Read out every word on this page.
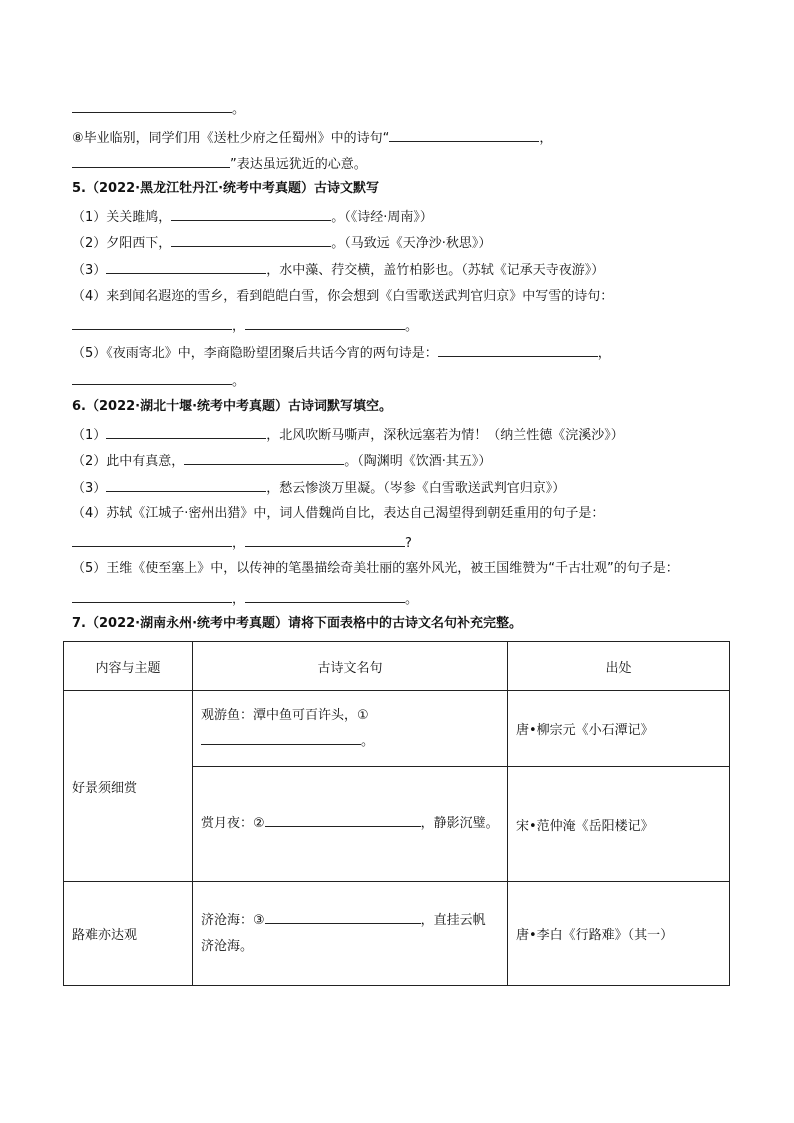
。
⑧毕业临别，同学们用《送杜少府之任蜀州》中的诗句“	，
”表达虽远犹近的心意。
5.（2022·黑龙江牡丹江·统考中考真题）古诗文默写
（1）关关雎鸠，	。（《诗经·周南》）
（2）夕阳西下，	。（马致远《天净沙·秋思》）
（3）	，水中藻、荇交横，盖竹柏影也。（苏轼《记承天寺夜游》）
（4）来到闻名遐迩的雪乡，看到皑皑白雪，你会想到《白雪歌送武判官归京》中写雪的诗句：
，	。
（5）《夜雨寄北》中，李商隐盼望团聚后共话今宵的两句诗是：	，
。
6.（2022·湖北十堰·统考中考真题）古诗词默写填空。
（1）	，北风吹断马嘶声，深秋远塞若为情！（纳兰性德《浣溪沙》）
（2）此中有真意，	。（陶渊明《饮酒·其五》）
（3）	，愁云惨淡万里凝。（岑参《白雪歌送武判官归京》）
（4）苏轼《江城子·密州出猎》中，词人借魏尚自比，表达自己渴望得到朝廷重用的句子是：
，	?
（5）王维《使至塞上》中，以传神的笔墨描绘奇美壮丽的塞外风光，被王国维赞为“千古壮观”的句子是：
，	。
7.（2022·湖南永州·统考中考真题）请将下面表格中的古诗文名句补充完整。
内容与主题	古诗文名句	出处
好景须细赏	观游鱼：潭中鱼可百许头，①
。	唐•柳宗元《小石潭记》

	赏月夜：② ，静影沉璧。	宋•范仲淹《岳阳楼记》
路难亦达观	济沧海：③ ，直挂云帆
济沧海。	唐•李白《行路难》（其一）
